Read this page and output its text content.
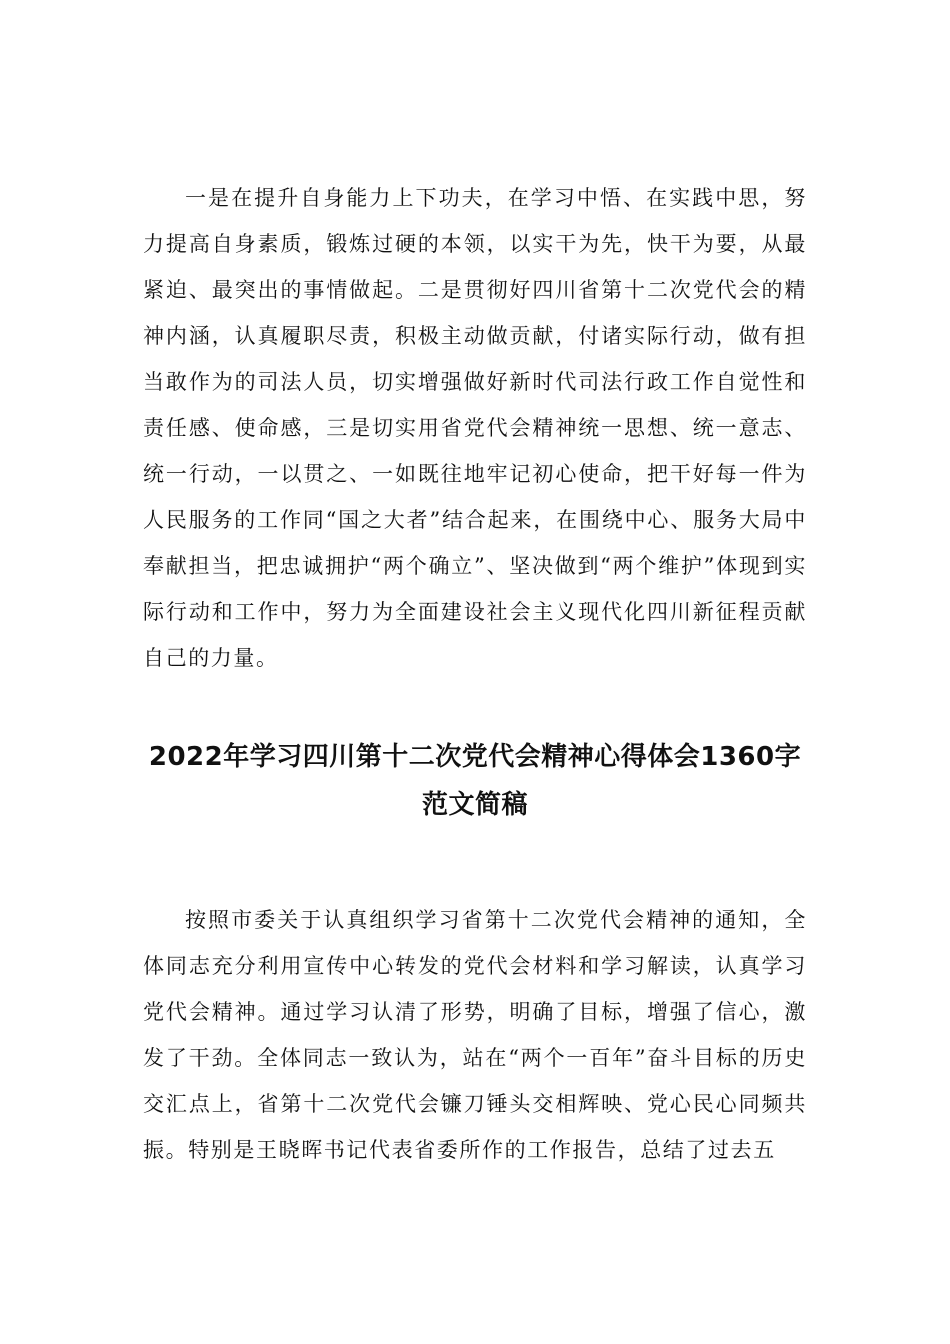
一是在提升自身能力上下功夫，在学习中悟、在实践中思，努力提高自身素质，锻炼过硬的本领，以实干为先，快干为要，从最紧迫、最突出的事情做起。二是贯彻好四川省第十二次党代会的精神内涵，认真履职尽责，积极主动做贡献，付诸实际行动，做有担当敢作为的司法人员，切实增强做好新时代司法行政工作自觉性和责任感、使命感，三是切实用省党代会精神统一思想、统一意志、统一行动，一以贯之、一如既往地牢记初心使命，把干好每一件为人民服务的工作同“国之大者”结合起来，在围绕中心、服务大局中奉献担当，把忠诚拥护“两个确立”、坚决做到“两个维护”体现到实际行动和工作中，努力为全面建设社会主义现代化四川新征程贡献自己的力量。

2022年学习四川第十二次党代会精神心得体会1360字范文简稿

按照市委关于认真组织学习省第十二次党代会精神的通知，全体同志充分利用宣传中心转发的党代会材料和学习解读，认真学习党代会精神。通过学习认清了形势，明确了目标，增强了信心，激发了干劲。全体同志一致认为，站在“两个一百年”奋斗目标的历史交汇点上，省第十二次党代会镰刀锤头交相辉映、党心民心同频共振。特别是王晓晖书记代表省委所作的工作报告，总结了过去五
